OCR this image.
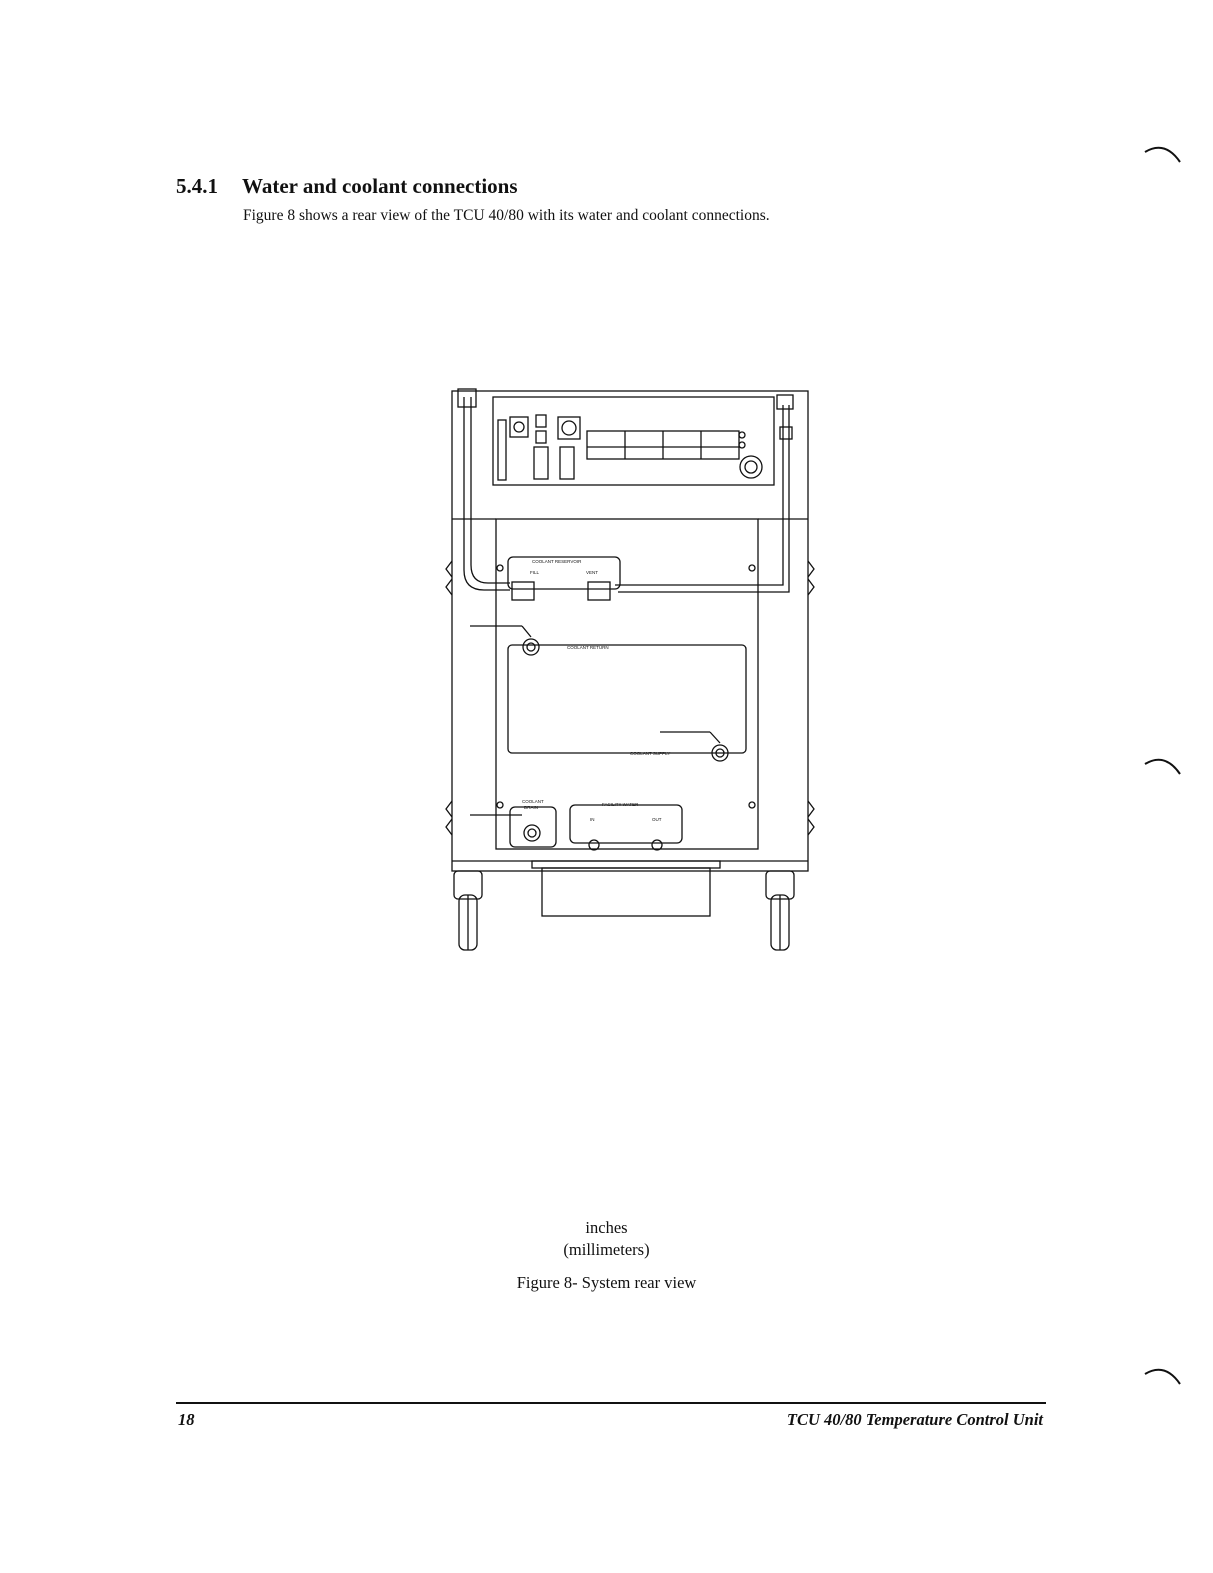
5.4.1 Water and coolant connections
Figure 8 shows a rear view of the TCU 40/80 with its water and coolant connections.
COOLANT RESERVOIR
FILL	VENT
COOLANT RETURN
COOLANT SUPPLY
COOLANT
DRAIN
FACILITY WATER
IN	OUT
inches
(millimeters)
Figure 8- System rear view
18	TCU 40/80 Temperature Control Unit
